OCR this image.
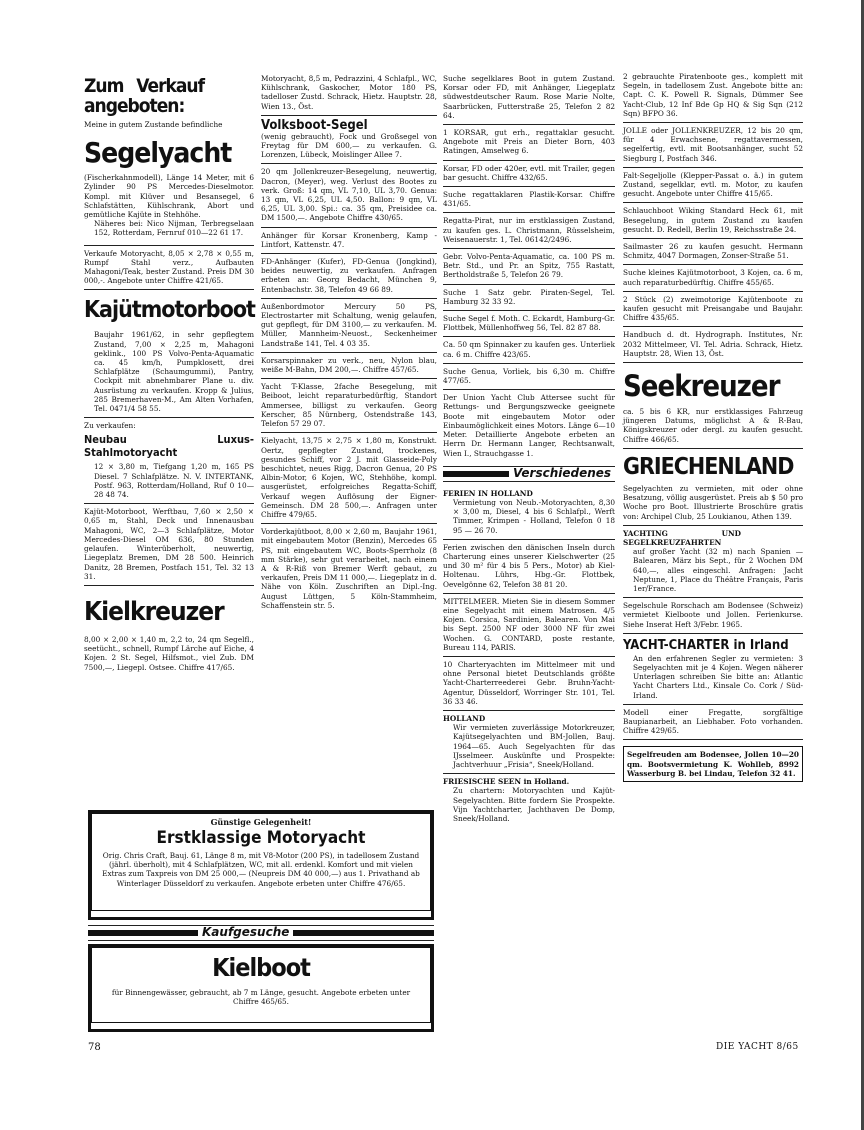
Zum Verkauf angeboten:

Meine in gutem Zustande befindliche

Segelyacht

(Fischerkahnmodell), Länge 14 Meter, mit 6 Zylinder 90 PS Mercedes-Dieselmotor. Kompl. mit Klüver und Besansegel, 6 Schlafstätten, Kühlschrank, Abort und gemütliche Kajüte in Stehhöhe.

Näheres bei: Nico Nijman, Terbregselaan 152, Rotterdam, Fernruf 010—22 61 17.

Verkaufe Motoryacht, 8,05 × 2,78 × 0,55 m, Rumpf Stahl verz., Aufbauten Mahagoni/Teak, bester Zustand. Preis DM 30 000,-. Angebote unter Chiffre 421/65.

Kajütmotorboot

Baujahr 1961/62, in sehr gepflegtem Zustand, 7,00 × 2,25 m, Mahagoni geklink., 100 PS Volvo-Penta-Aquamatic ca. 45 km/h, Pumpklosett, drei Schlafplätze (Schaumgummi), Pantry, Cockpit mit abnehmbarer Plane u. div. Ausrüstung zu verkaufen. Kropp & Julius, 285 Bremerhaven-M., Am Alten Vorhafen, Tel. 0471/4 58 55.

Zu verkaufen:

Neubau Luxus-Stahlmotoryacht

12 × 3,80 m, Tiefgang 1,20 m, 165 PS Diesel. 7 Schlafplätze. N. V. INTERTANK, Postf. 963, Rotterdam/Holland, Ruf 0 10—28 48 74.

Kajüt-Motorboot, Werftbau, 7,60 × 2,50 × 0,65 m, Stahl, Deck und Innenausbau Mahagoni, WC, 2—3 Schlafplätze, Motor Mercedes-Diesel OM 636, 80 Stunden gelaufen. Winterüberholt, neuwertig, Liegeplatz Bremen, DM 28 500. Heinrich Danitz, 28 Bremen, Postfach 151, Tel. 32 13 31.

Kielkreuzer

8,00 × 2,00 × 1,40 m, 2,2 to, 24 qm Segelfl., seetücht., schnell, Rumpf Lärche auf Eiche, 4 Kojen. 2 St. Segel, Hilfsmot., viel Zub. DM 7500,—, Liegepl. Ostsee. Chiffre 417/65.

Motoryacht, 8,5 m, Pedrazzini, 4 Schlafpl., WC, Kühlschrank, Gaskocher, Motor 180 PS, tadelloser Zustd. Schrack, Hietz. Hauptstr. 28, Wien 13., Öst.

Volksboot-Segel

(wenig gebraucht), Fock und Großsegel von Freytag für DM 600,— zu verkaufen. G. Lorenzen, Lübeck, Moislinger Allee 7.

20 qm Jollenkreuzer-Besegelung, neuwertig, Dacron, (Meyer), weg. Verlust des Bootes zu verk. Groß: 14 qm, VL 7,10, UL 3,70. Genua: 13 qm, VL 6,25, UL 4,50. Ballon: 9 qm, VL 6,25, UL 3,00. Spi.: ca. 35 qm, Preisidee ca. DM 1500,—. Angebote Chiffre 430/65.

Anhänger für Korsar Kronenberg, Kamp - Lintfort, Kattenstr. 47.

FD-Anhänger (Kufer), FD-Genua (Jongkind), beides neuwertig, zu verkaufen. Anfragen erbeten an: Georg Bedacht, München 9, Entenbachstr. 38, Telefon 49 66 89.

Außenbordmotor Mercury 50 PS, Electrostarter mit Schaltung, wenig gelaufen, gut gepflegt, für DM 3100,— zu verkaufen. M. Müller, Mannheim-Neuost., Seckenheimer Landstraße 141, Tel. 4 03 35.

Korsarspinnaker zu verk., neu, Nylon blau, weiße M-Bahn, DM 200,—. Chiffre 457/65.

Yacht T-Klasse, 2fache Besegelung, mit Beiboot, leicht reparaturbedürftig, Standort Ammersee, billigst zu verkaufen. Georg Kerscher, 85 Nürnberg, Ostendstraße 143, Telefon 57 29 07.

Kielyacht, 13,75 × 2,75 × 1,80 m, Konstrukt. Oertz, gepflegter Zustand, trockenes, gesundes Schiff, vor 2 J. mit Glasseide-Poly beschichtet, neues Rigg, Dacron Genua, 20 PS Albin-Motor, 6 Kojen, WC, Stehhöhe, kompl. ausgerüstet, erfolgreiches Regatta-Schiff, Verkauf wegen Auflösung der Eigner-Gemeinsch. DM 28 500,—. Anfragen unter Chiffre 479/65.

Vorderkajütboot, 8,00 × 2,60 m, Baujahr 1961, mit eingebautem Motor (Benzin), Mercedes 65 PS, mit eingebautem WC, Boots-Sperrholz (8 mm Stärke), sehr gut verarbeitet, nach einem A & R-Riß von Bremer Werft gebaut, zu verkaufen, Preis DM 11 000,—. Liegeplatz in d. Nähe von Köln. Zuschriften an Dipl.-Ing. August Lüttgen, 5 Köln-Stammheim, Schaffenstein str. 5.

Suche segelklares Boot in gutem Zustand. Korsar oder FD, mit Anhänger, Liegeplatz südwestdeutscher Raum. Rose Marie Nolte, Saarbrücken, Futterstraße 25, Telefon 2 82 64.

1 KORSAR, gut erh., regattaklar gesucht. Angebote mit Preis an Dieter Born, 403 Ratingen, Amselweg 6.

Korsar, FD oder 420er, evtl. mit Trailer, gegen bar gesucht. Chiffre 432/65.

Suche regattaklaren Plastik-Korsar. Chiffre 431/65.

Regatta-Pirat, nur im erstklassigen Zustand, zu kaufen ges. L. Christmann, Rüsselsheim, Weisenauerstr. 1, Tel. 06142/2496.

Gebr. Volvo-Penta-Aquamatic, ca. 100 PS m. Betr. Std., und Pr. an Spitz, 755 Rastatt, Bertholdstraße 5, Telefon 26 79.

Suche 1 Satz gebr. Piraten-Segel, Tel. Hamburg 32 33 92.

Suche Segel f. Moth. C. Eckardt, Hamburg-Gr. Flottbek, Müllenhoffweg 56, Tel. 82 87 88.

Ca. 50 qm Spinnaker zu kaufen ges. Unterliek ca. 6 m. Chiffre 423/65.

Suche Genua, Vorliek, bis 6,30 m. Chiffre 477/65.

Der Union Yacht Club Attersee sucht für Rettungs- und Bergungszwecke geeignete Boote mit eingebautem Motor oder Einbaumöglichkeit eines Motors. Länge 6—10 Meter. Detaillierte Angebote erbeten an Herrn Dr. Hermann Langer, Rechtsanwalt, Wien I., Strauchgasse 1.

Verschiedenes

FERIEN IN HOLLAND

Vermietung von Neub.-Motoryachten, 8,30 × 3,00 m, Diesel, 4 bis 6 Schlafpl., Werft Timmer, Krimpen - Holland, Telefon 0 18 95 — 26 70.

Ferien zwischen den dänischen Inseln durch Charterung eines unserer Kielschwerter (25 und 30 m² für 4 bis 5 Pers., Motor) ab Kiel-Holtenau. Lührs, Hbg.-Gr. Flottbek, Oevelgönne 62, Telefon 38 81 20.

MITTELMEER. Mieten Sie in diesem Sommer eine Segelyacht mit einem Matrosen. 4/5 Kojen. Corsica, Sardinien, Balearen. Von Mai bis Sept. 2500 NF oder 3000 NF für zwei Wochen. G. CONTARD, poste restante, Bureau 114, PARIS.

10 Charteryachten im Mittelmeer mit und ohne Personal bietet Deutschlands größte Yacht-Charterreederei Gebr. Bruhn-Yacht-Agentur, Düsseldorf, Worringer Str. 101, Tel. 36 33 46.

HOLLAND

Wir vermieten zuverlässige Motorkreuzer, Kajütsegelyachten und BM-Jollen, Bauj. 1964—65. Auch Segelyachten für das IJsselmeer. Auskünfte und Prospekte: Jachtverhuur „Frisia“, Sneek/Holland.

FRIESISCHE SEEN in Holland.

Zu chartern: Motoryachten und Kajüt-Segelyachten. Bitte fordern Sie Prospekte. Vijn Yachtcharter, Jachthaven De Domp, Sneek/Holland.

2 gebrauchte Piratenboote ges., komplett mit Segeln, in tadellosem Zust. Angebote bitte an: Capt. C. K. Powell R. Signals, Dümmer See Yacht-Club, 12 Inf Bde Gp HQ & Sig Sqn (212 Sqn) BFPO 36.

JOLLE oder JOLLENKREUZER, 12 bis 20 qm, für 4 Erwachsene, regattavermessen, segelfertig, evtl. mit Bootsanhänger, sucht 52 Siegburg I, Postfach 346.

Falt-Segeljolle (Klepper-Passat o. ä.) in gutem Zustand, segelklar, evtl. m. Motor, zu kaufen gesucht. Angebote unter Chiffre 415/65.

Schlauchboot Wiking Standard Heck 61, mit Besegelung, in gutem Zustand zu kaufen gesucht. D. Redell, Berlin 19, Reichsstraße 24.

Sailmaster 26 zu kaufen gesucht. Hermann Schmitz, 4047 Dormagen, Zonser-Straße 51.

Suche kleines Kajütmotorboot, 3 Kojen, ca. 6 m, auch reparaturbedürftig. Chiffre 455/65.

2 Stück (2) zweimotorige Kajütenboote zu kaufen gesucht mit Preisangabe und Baujahr. Chiffre 435/65.

Handbuch d. dt. Hydrograph. Institutes, Nr. 2032 Mittelmeer, VI. Tel. Adria. Schrack, Hietz. Hauptstr. 28, Wien 13, Öst.

Seekreuzer

ca. 5 bis 6 KR, nur erstklassiges Fahrzeug jüngeren Datums, möglichst A & R-Bau, Königskreuzer oder dergl. zu kaufen gesucht. Chiffre 466/65.

GRIECHENLAND

Segelyachten zu vermieten, mit oder ohne Besatzung, völlig ausgerüstet. Preis ab $ 50 pro Woche pro Boot. Illustrierte Broschüre gratis von: Archipel Club, 25 Loukianou, Athen 139.

YACHTING UND SEGELKREUZFAHRTEN

auf großer Yacht (32 m) nach Spanien — Balearen, März bis Sept., für 2 Wochen DM 640,—, alles eingeschl. Anfragen: Jacht Neptune, 1, Place du Théâtre Français, Paris 1er/France.

Segelschule Rorschach am Bodensee (Schweiz) vermietet Kielboote und Jollen. Ferienkurse. Siehe Inserat Heft 3/Febr. 1965.

YACHT-CHARTER in Irland

An den erfahrenen Segler zu vermieten: 3 Segelyachten mit je 4 Kojen. Wegen näherer Unterlagen schreiben Sie bitte an: Atlantic Yacht Charters Ltd., Kinsale Co. Cork / Süd-Irland.

Modell einer Fregatte, sorgfältige Baupianarbeit, an Liebhaber. Foto vorhanden. Chiffre 429/65.

Segelfreuden am Bodensee, Jollen 10—20 qm. Bootsvermietung K. Wohlleb, 8992 Wasserburg B. bei Lindau, Telefon 32 41.

Günstige Gelegenheit!
Erstklassige Motoryacht

Orig. Chris Craft, Bauj. 61, Länge 8 m, mit V8-Motor (200 PS), in tadellosem Zustand (jährl. überholt), mit 4 Schlafplätzen, WC, mit all. erdenkl. Komfort und mit vielen Extras zum Taxpreis von DM 25 000,— (Neupreis DM 40 000,—) aus 1. Privathand ab Winterlager Düsseldorf zu verkaufen. Angebote erbeten unter Chiffre 476/65.

Kaufgesuche
Kielboot

für Binnengewässer, gebraucht, ab 7 m Länge, gesucht. Angebote erbeten unter Chiffre 465/65.

78	DIE YACHT 8/65
